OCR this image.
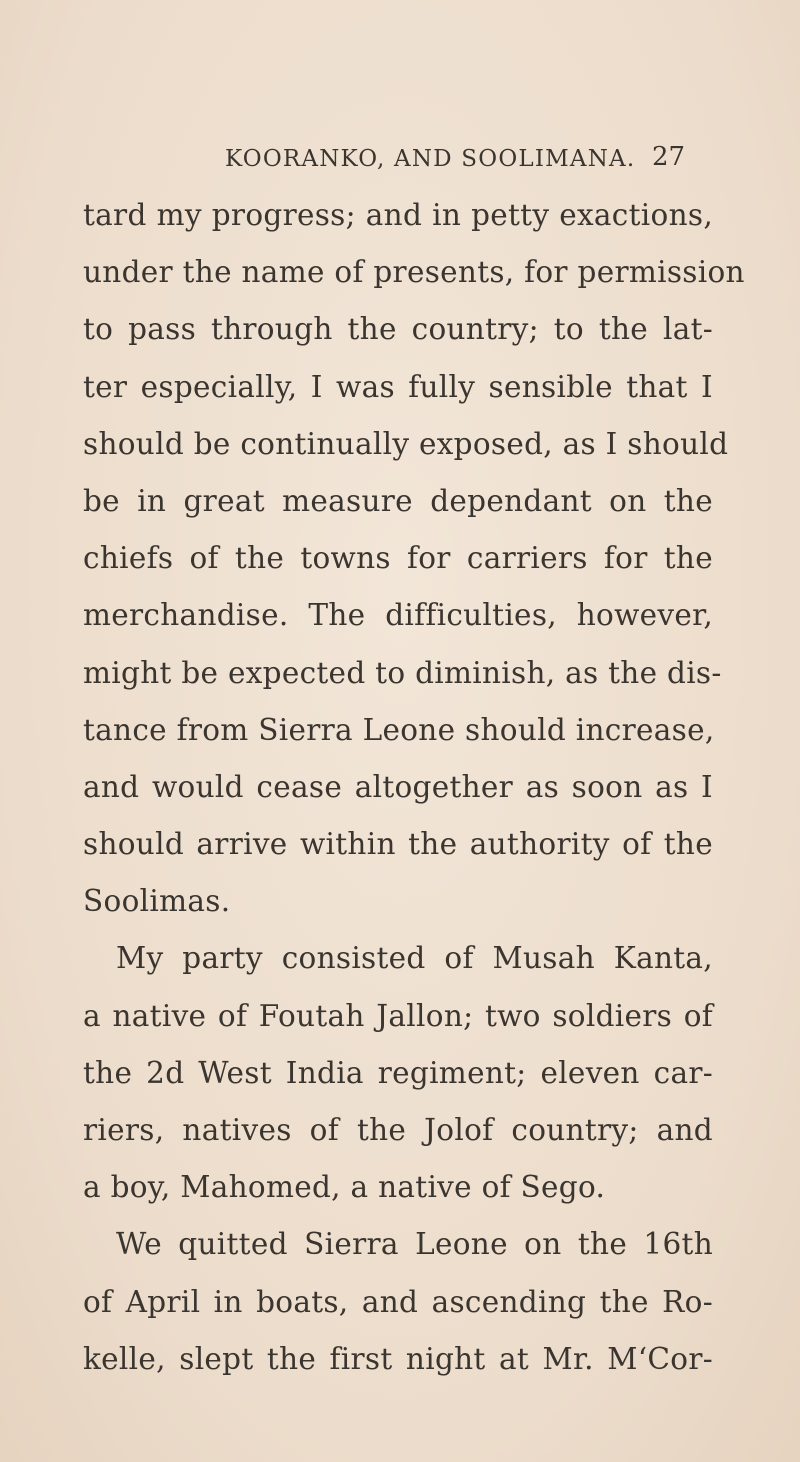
KOORANKO, AND SOOLIMANA. 27
tard my progress; and in petty exactions,
under the name of presents, for permission
to pass through the country; to the lat-
ter especially, I was fully sensible that I
should be continually exposed, as I should
be in great measure dependant on the
chiefs of the towns for carriers for the
merchandise. The difficulties, however,
might be expected to diminish, as the dis-
tance from Sierra Leone should increase,
and would cease altogether as soon as I
should arrive within the authority of the
Soolimas.
My party consisted of Musah Kanta,
a native of Foutah Jallon; two soldiers of
the 2d West India regiment; eleven car-
riers, natives of the Jolof country; and
a boy, Mahomed, a native of Sego.
We quitted Sierra Leone on the 16th
of April in boats, and ascending the Ro-
kelle, slept the first night at Mr. M‘Cor-
